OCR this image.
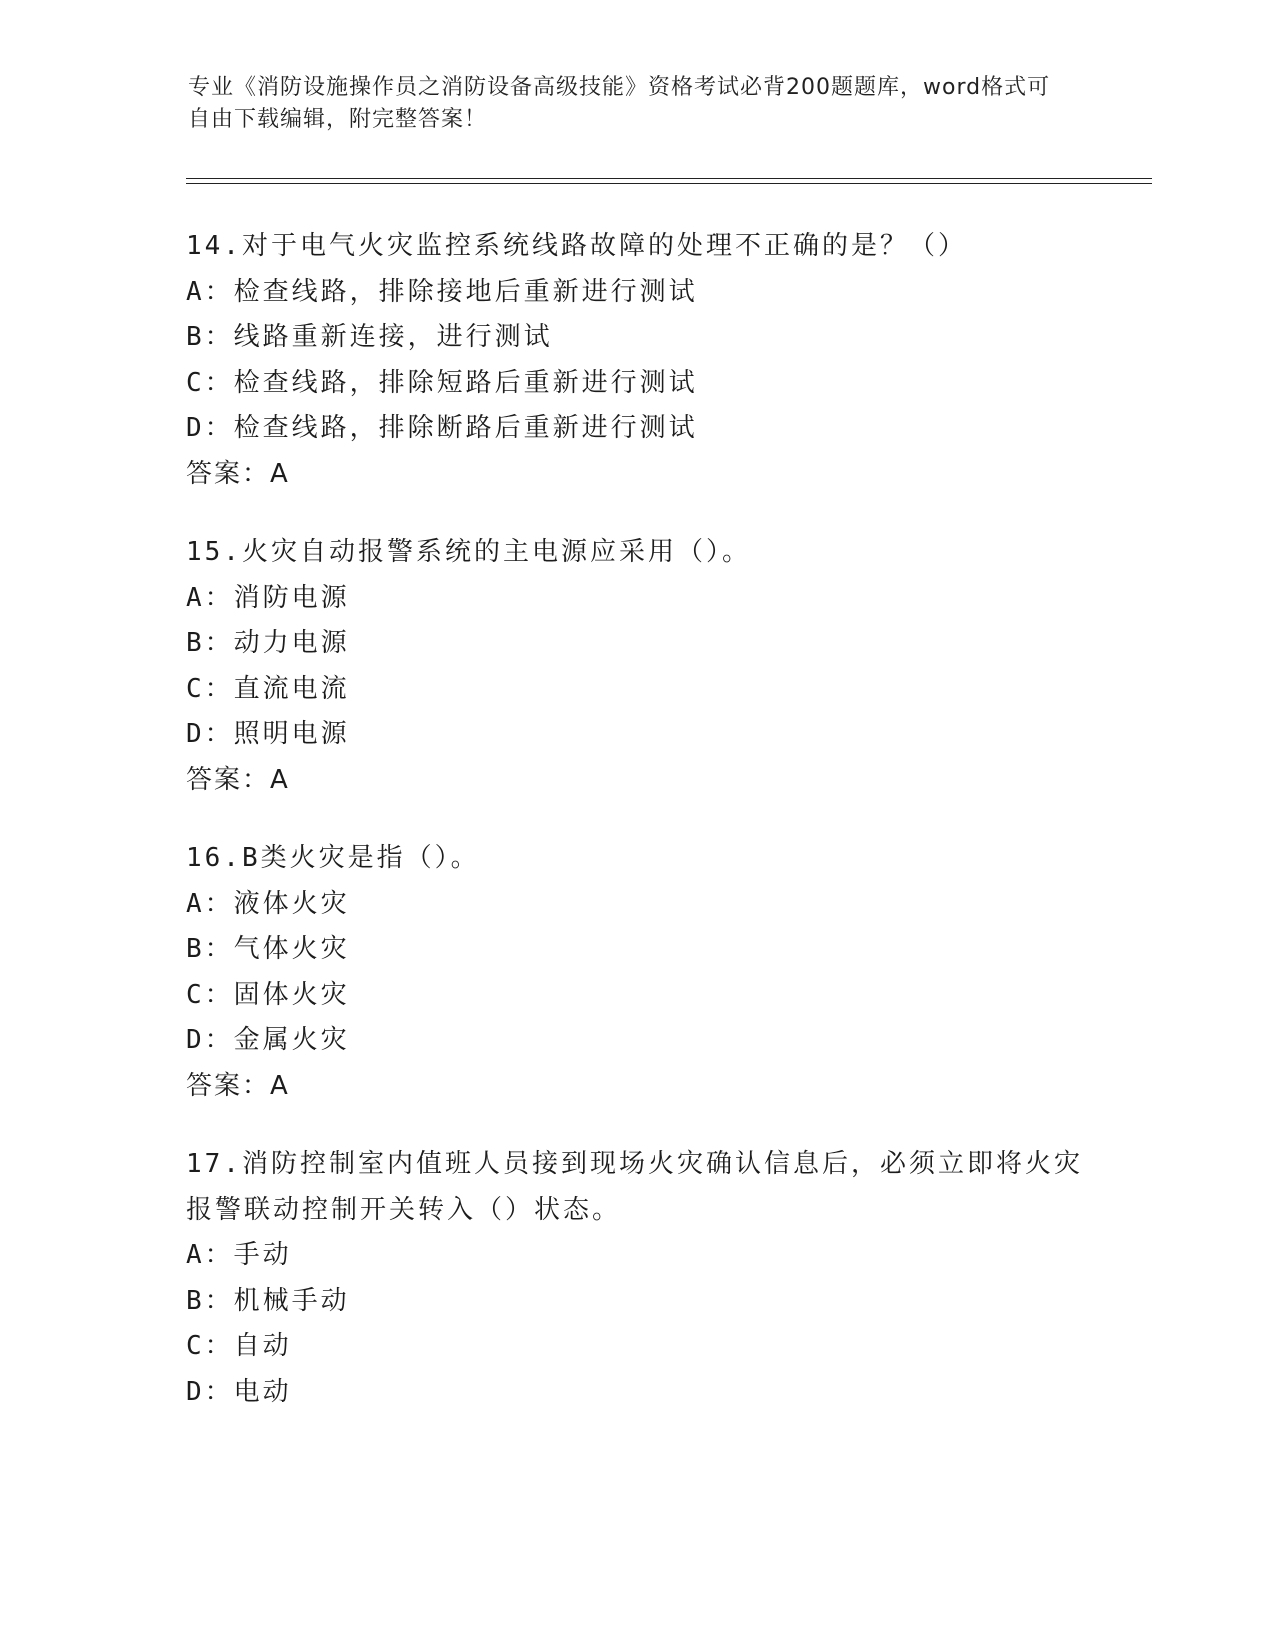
专业《消防设施操作员之消防设备高级技能》资格考试必背200题题库，word格式可自由下载编辑，附完整答案！
14.对于电气火灾监控系统线路故障的处理不正确的是？（）
A：检查线路，排除接地后重新进行测试
B：线路重新连接，进行测试
C：检查线路，排除短路后重新进行测试
D：检查线路，排除断路后重新进行测试
答案：A
15.火灾自动报警系统的主电源应采用（）。
A：消防电源
B：动力电源
C：直流电流
D：照明电源
答案：A
16.B类火灾是指（）。
A：液体火灾
B：气体火灾
C：固体火灾
D：金属火灾
答案：A
17.消防控制室内值班人员接到现场火灾确认信息后，必须立即将火灾
报警联动控制开关转入（）状态。
A：手动
B：机械手动
C：自动
D：电动
